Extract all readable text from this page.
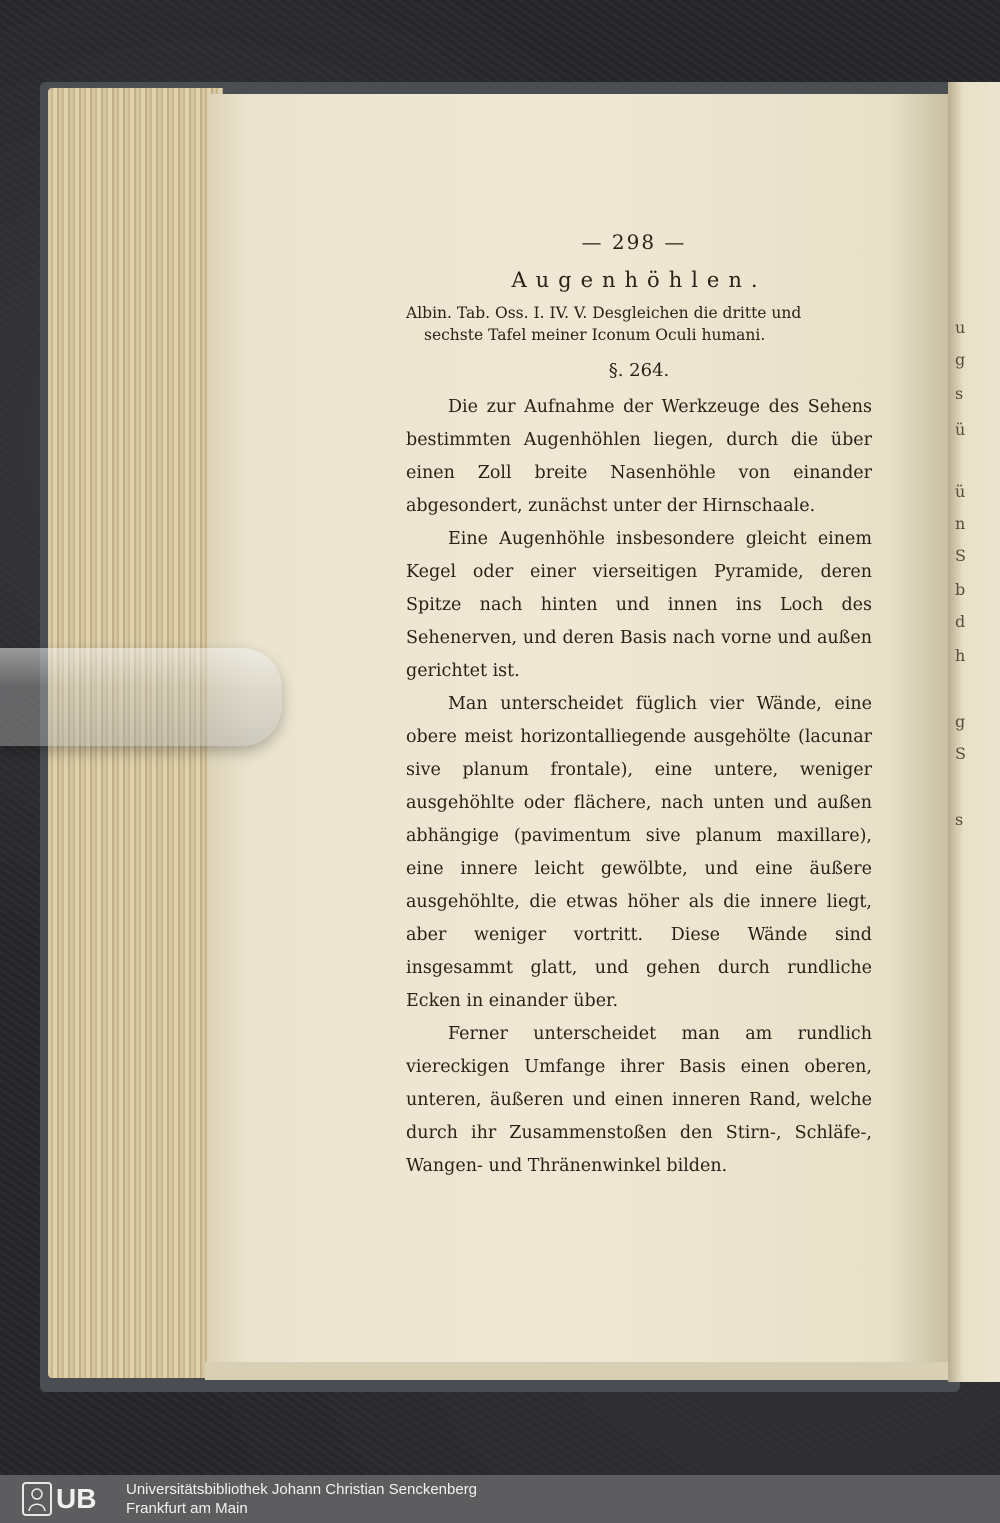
u
g
s
ü
ü
n
S
b
d
h
g
S
s
— 298 —
Augenhöhlen.
Albin. Tab. Oss. I. IV. V. Desgleichen die dritte und
sechste Tafel meiner Iconum Oculi humani.
§. 264.

Die zur Aufnahme der Werkzeuge des Sehens bestimmten Augenhöhlen liegen, durch die über einen Zoll breite Nasenhöhle von einander abgesondert, zunächst unter der Hirnschaale.

Eine Augenhöhle insbesondere gleicht einem Kegel oder einer vierseitigen Pyramide, deren Spitze nach hinten und innen ins Loch des Sehenerven, und deren Basis nach vorne und außen gerichtet ist.

Man unterscheidet füglich vier Wände, eine obere meist horizontalliegende ausgehölte (lacunar sive planum frontale), eine untere, weniger ausgehöhlte oder flächere, nach unten und außen abhängige (pavimentum sive planum maxillare), eine innere leicht gewölbte, und eine äußere ausgehöhlte, die etwas höher als die innere liegt, aber weniger vortritt. Diese Wände sind insgesammt glatt, und gehen durch rundliche Ecken in einander über.

Ferner unterscheidet man am rundlich viereckigen Umfange ihrer Basis einen oberen, unteren, äußeren und einen inneren Rand, welche durch ihr Zusammenstoßen den Stirn-, Schläfe-, Wangen- und Thränenwinkel bilden.

UB Universitätsbibliothek Johann Christian Senckenberg
Frankfurt am Main
